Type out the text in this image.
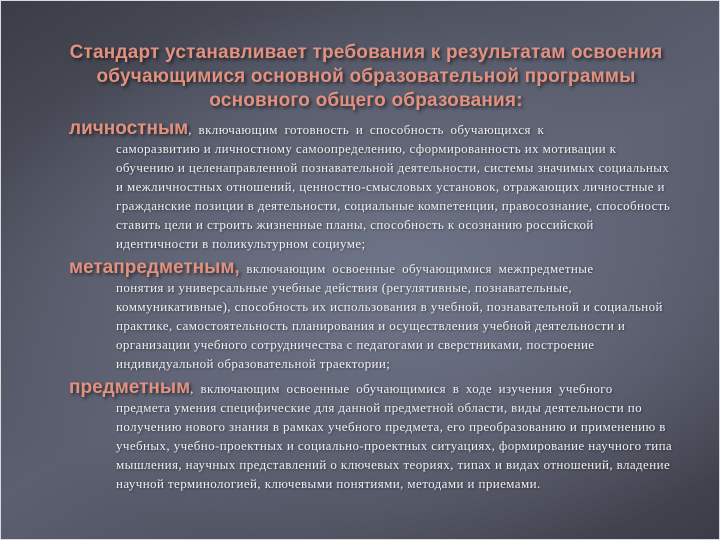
Стандарт устанавливает требования к результатам освоения
обучающимися основной образовательной программы
основного общего образования:
личностным, включающим готовность и способность обучающихся к
саморазвитию и личностному самоопределению, сформированность их мотивации к
обучению и целенаправленной познавательной деятельности, системы значимых социальных
и межличностных отношений, ценностно-смысловых установок, отражающих личностные и
гражданские позиции в деятельности, социальные компетенции, правосознание, способность
ставить цели и строить жизненные планы, способность к осознанию российской
идентичности в поликультурном социуме;
метапредметным, включающим освоенные обучающимися межпредметные
понятия и универсальные учебные действия (регулятивные, познавательные,
коммуникативные), способность их использования в учебной, познавательной и социальной
практике, самостоятельность планирования и осуществления учебной деятельности и
организации учебного сотрудничества с педагогами и сверстниками, построение
индивидуальной образовательной траектории;
предметным, включающим освоенные обучающимися в ходе изучения учебного
предмета умения специфические для данной предметной области, виды деятельности по
получению нового знания в рамках учебного предмета, его преобразованию и применению в
учебных, учебно-проектных и социально-проектных ситуациях, формирование научного типа
мышления, научных представлений о ключевых теориях, типах и видах отношений, владение
научной терминологией, ключевыми понятиями, методами и приемами.
